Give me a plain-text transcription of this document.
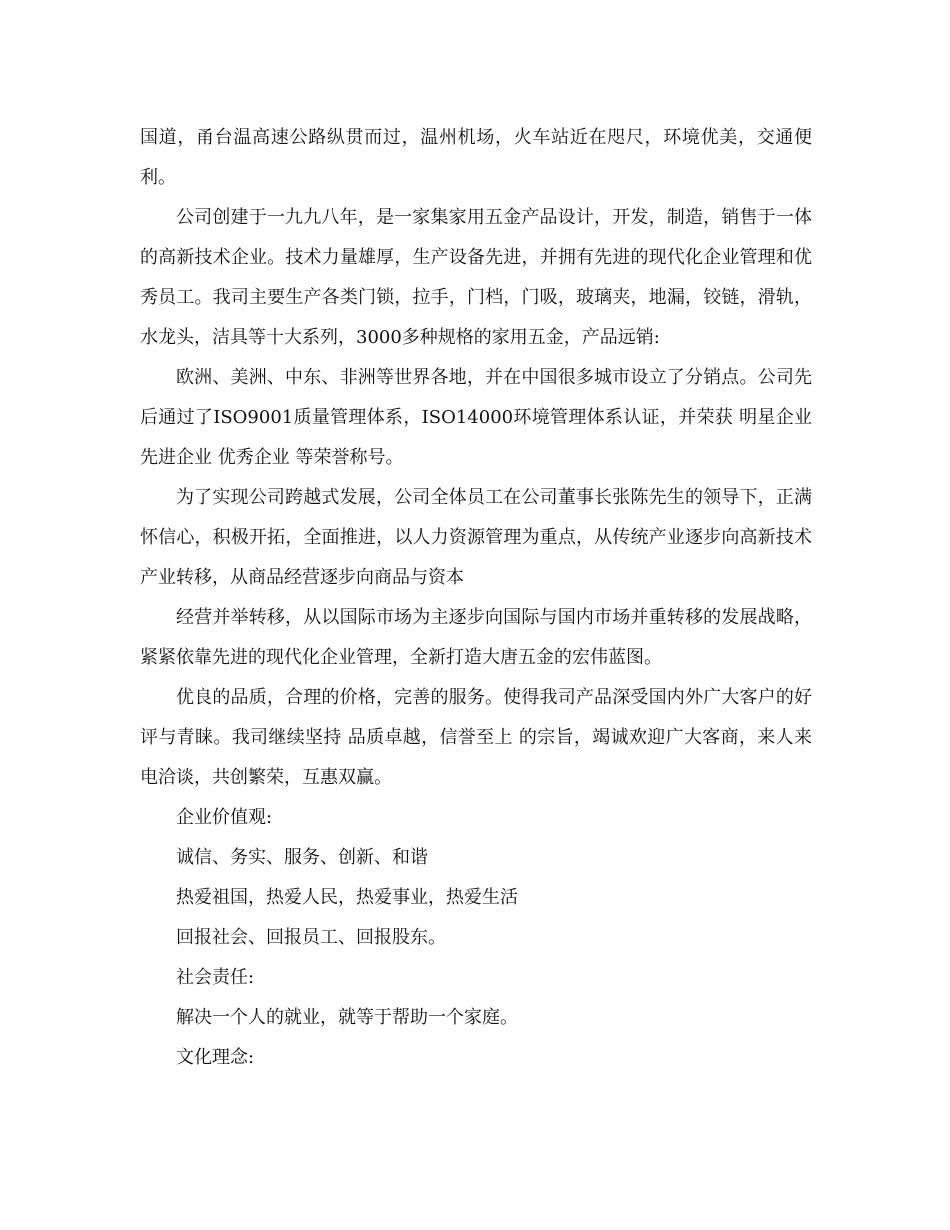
国道，甬台温高速公路纵贯而过，温州机场，火车站近在咫尺，环境优美，交通便利。

公司创建于一九九八年，是一家集家用五金产品设计，开发，制造，销售于一体的高新技术企业。技术力量雄厚，生产设备先进，并拥有先进的现代化企业管理和优秀员工。我司主要生产各类门锁，拉手，门档，门吸，玻璃夹，地漏，铰链，滑轨，水龙头，洁具等十大系列，3000多种规格的家用五金，产品远销:

欧洲、美洲、中东、非洲等世界各地，并在中国很多城市设立了分销点。公司先后通过了ISO9001质量管理体系，ISO14000环境管理体系认证，并荣获 明星企业 先进企业 优秀企业 等荣誉称号。

为了实现公司跨越式发展，公司全体员工在公司董事长张陈先生的领导下，正满怀信心，积极开拓，全面推进，以人力资源管理为重点，从传统产业逐步向高新技术产业转移，从商品经营逐步向商品与资本

经营并举转移，从以国际市场为主逐步向国际与国内市场并重转移的发展战略，紧紧依靠先进的现代化企业管理，全新打造大唐五金的宏伟蓝图。

优良的品质，合理的价格，完善的服务。使得我司产品深受国内外广大客户的好评与青睐。我司继续坚持 品质卓越，信誉至上 的宗旨，竭诚欢迎广大客商，来人来电洽谈，共创繁荣，互惠双赢。

企业价值观:

诚信、务实、服务、创新、和谐

热爱祖国，热爱人民，热爱事业，热爱生活

回报社会、回报员工、回报股东。

社会责任:

解决一个人的就业，就等于帮助一个家庭。

文化理念:
